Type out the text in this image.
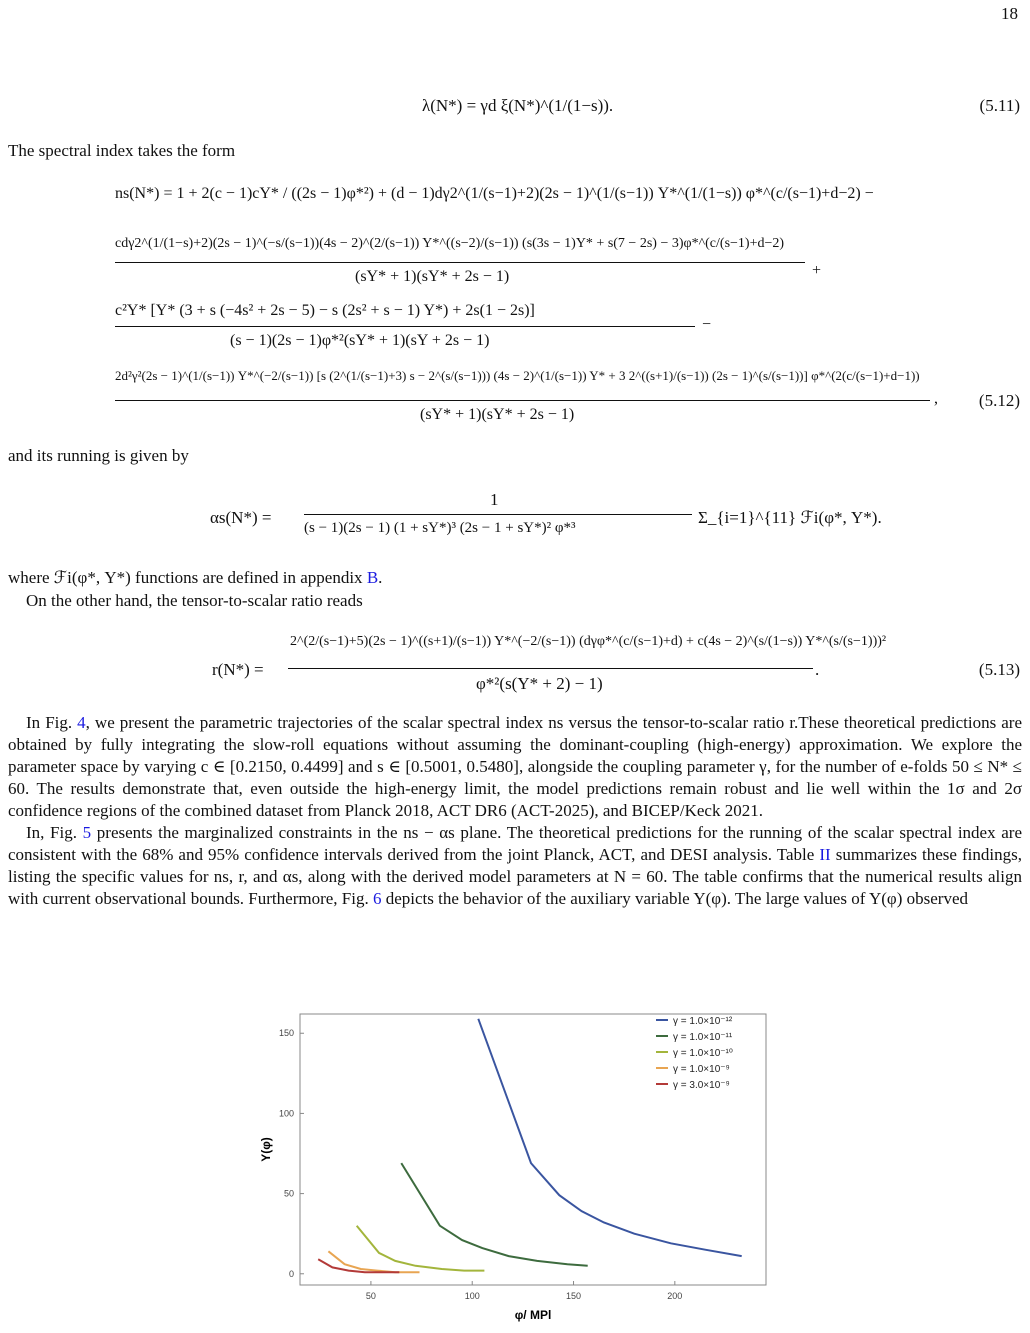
18
λ(N*) = γd ξ(N*)^(1/(1−s)).	(5.11)
The spectral index takes the form
ns(N*) = 1 + 2(c − 1)cY* / ((2s − 1)φ*²) + (d − 1)dγ2^(1/(s−1)+2)(2s − 1)^(1/(s−1)) Y*^(1/(1−s)) φ*^(c/(s−1)+d−2) −
cdγ2^(1/(1−s)+2)(2s − 1)^(−s/(s−1))(4s − 2)^(2/(s−1)) Y*^((s−2)/(s−1)) (s(3s − 1)Y* + s(7 − 2s) − 3)φ*^(c/(s−1)+d−2)
(sY* + 1)(sY* + 2s − 1)	+
c²Y* [Y* (3 + s (−4s² + 2s − 5) − s (2s² + s − 1) Y*) + 2s(1 − 2s)]
(s − 1)(2s − 1)φ*²(sY* + 1)(sY + 2s − 1)
−
2d²γ²(2s − 1)^(1/(s−1)) Y*^(−2/(s−1)) [s (2^(1/(s−1)+3) s − 2^(s/(s−1))) (4s − 2)^(1/(s−1)) Y* + 3 2^((s+1)/(s−1)) (2s − 1)^(s/(s−1))] φ*^(2(c/(s−1)+d−1))
(sY* + 1)(sY* + 2s − 1)
, (5.12)
and its running is given by
αs(N*) =
1
(s − 1)(2s − 1) (1 + sY*)³ (2s − 1 + sY*)² φ*³
Σ_{i=1}^{11} ℱi(φ*, Y*).
where ℱi(φ*, Y*) functions are defined in appendix B.
On the other hand, the tensor-to-scalar ratio reads
r(N*) =
2^(2/(s−1)+5)(2s − 1)^((s+1)/(s−1)) Y*^(−2/(s−1)) (dγφ*^(c/(s−1)+d) + c(4s − 2)^(s/(1−s)) Y*^(s/(s−1)))²
φ*²(s(Y* + 2) − 1)
.	(5.13)

In Fig. 4, we present the parametric trajectories of the scalar spectral index ns versus the tensor-to-scalar ratio r.These theoretical predictions are obtained by fully integrating the slow-roll equations without assuming the dominant-coupling (high-energy) approximation. We explore the parameter space by varying c ∈ [0.2150, 0.4499] and s ∈ [0.5001, 0.5480], alongside the coupling parameter γ, for the number of e-folds 50 ≤ N* ≤ 60. The results demonstrate that, even outside the high-energy limit, the model predictions remain robust and lie well within the 1σ and 2σ confidence regions of the combined dataset from Planck 2018, ACT DR6 (ACT-2025), and BICEP/Keck 2021.

In, Fig. 5 presents the marginalized constraints in the ns − αs plane. The theoretical predictions for the running of the scalar spectral index are consistent with the 68% and 95% confidence intervals derived from the joint Planck, ACT, and DESI analysis. Table II summarizes these findings, listing the specific values for ns, r, and αs, along with the derived model parameters at N = 60. The table confirms that the numerical results align with current observational bounds. Furthermore, Fig. 6 depicts the behavior of the auxiliary variable Y(φ). The large values of Y(φ) observed

50	100	150	200
0
50
100
150
γ = 1.0×10⁻¹²
γ = 1.0×10⁻¹¹
γ = 1.0×10⁻¹⁰
γ = 1.0×10⁻⁹
γ = 3.0×10⁻⁹
φ/ MPl
Y(φ)
